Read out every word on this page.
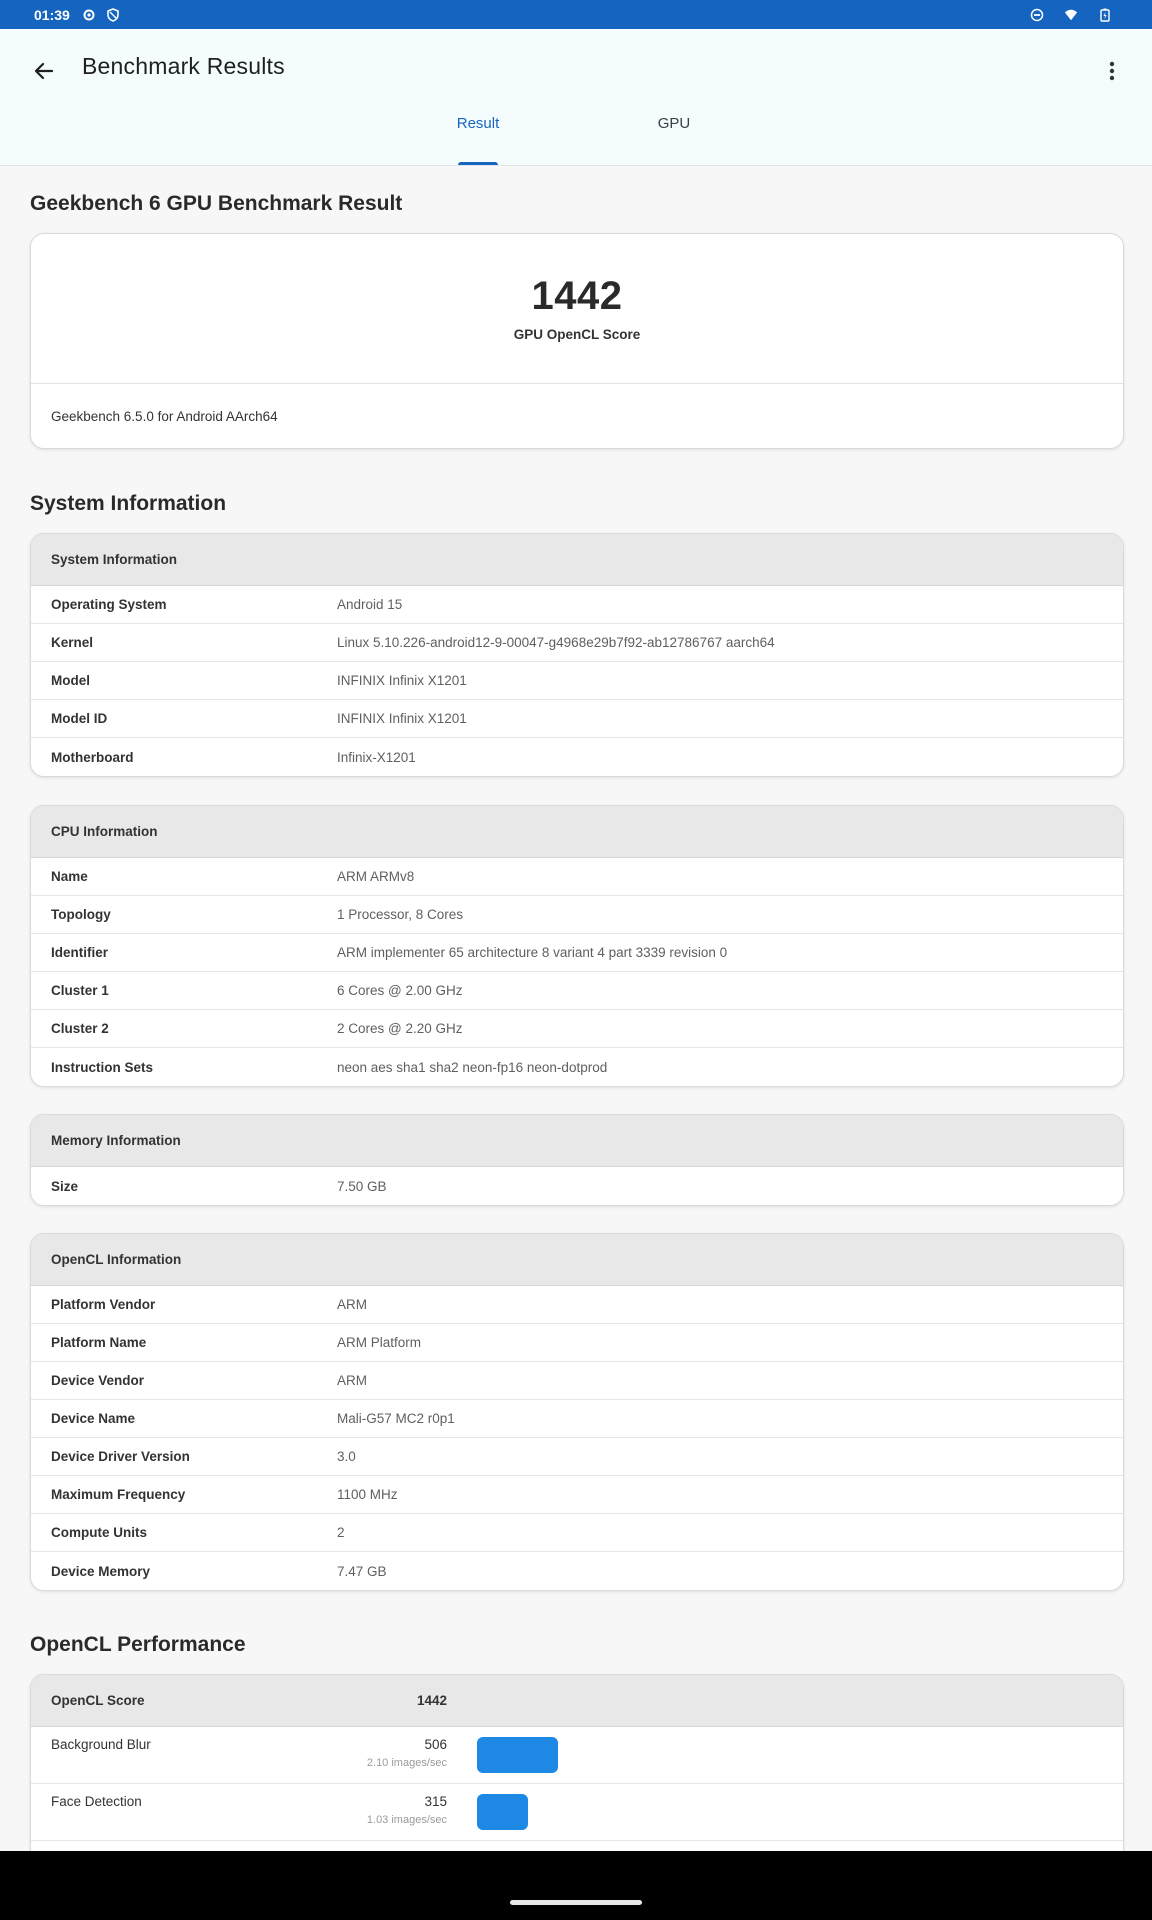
01:39
Benchmark Results
Result	GPU
Geekbench 6 GPU Benchmark Result
1442
GPU OpenCL Score
Geekbench 6.5.0 for Android AArch64
System Information
System Information
Operating System	Android 15
Kernel	Linux 5.10.226-android12-9-00047-g4968e29b7f92-ab12786767 aarch64
Model	INFINIX Infinix X1201
Model ID	INFINIX Infinix X1201
Motherboard	Infinix-X1201
CPU Information
Name	ARM ARMv8
Topology	1 Processor, 8 Cores
Identifier	ARM implementer 65 architecture 8 variant 4 part 3339 revision 0
Cluster 1	6 Cores @ 2.00 GHz
Cluster 2	2 Cores @ 2.20 GHz
Instruction Sets	neon aes sha1 sha2 neon-fp16 neon-dotprod
Memory Information
Size	7.50 GB
OpenCL Information
Platform Vendor	ARM
Platform Name	ARM Platform
Device Vendor	ARM
Device Name	Mali-G57 MC2 r0p1
Device Driver Version	3.0
Maximum Frequency	1100 MHz
Compute Units	2
Device Memory	7.47 GB
OpenCL Performance
OpenCL Score	1442
Background Blur	506
2.10 images/sec
Face Detection	315
1.03 images/sec
